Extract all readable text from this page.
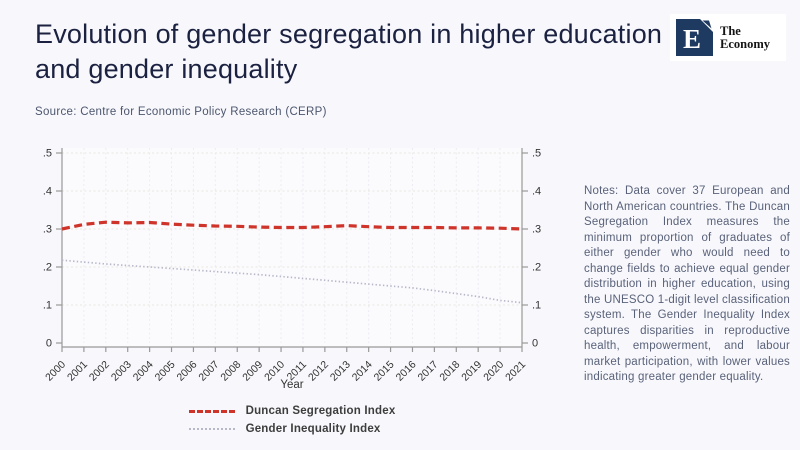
Evolution of gender segregation in higher education and gender inequality
E The
Economy
Source: Centre for Economic Policy Research (CERP)
0	0
.1	.1
.2	.2
.3	.3
.4	.4
.5	.5
2000
2001
2002
2003
2004
2005
2006
2007
2008
2009
2010
2011
2012
2013
2014
2015
2016
2017
2018
2019
2020
2021
Year
Duncan Segregation Index
Gender Inequality Index
Notes: Data cover 37 European and North American countries. The Duncan Segregation Index measures the minimum proportion of graduates of either gender who would need to change fields to achieve equal gender distribution in higher education, using the UNESCO 1-digit level classification system. The Gender Inequality Index captures disparities in reproductive health, empowerment, and labour market participation, with lower values indicating greater gender equality.
